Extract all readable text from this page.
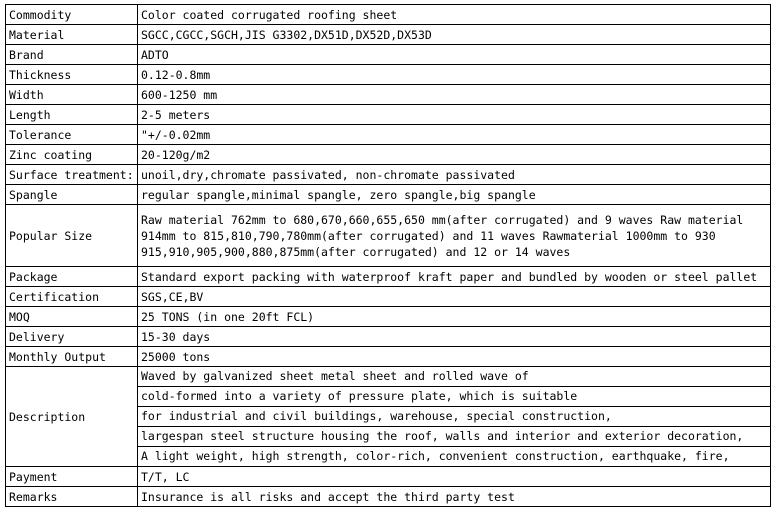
Commodity	Color coated corrugated roofing sheet
Material	SGCC,CGCC,SGCH,JIS G3302,DX51D,DX52D,DX53D
Brand	ADTO
Thickness	0.12-0.8mm
Width	600-1250 mm
Length	2-5 meters
Tolerance	"+/-0.02mm
Zinc coating	20-120g/m2
Surface treatment:	unoil,dry,chromate passivated, non-chromate passivated
Spangle	regular spangle,minimal spangle, zero spangle,big spangle
Popular Size	Raw material 762mm to 680,670,660,655,650 mm(after corrugated) and 9 waves Raw material 914mm to 815,810,790,780mm(after corrugated) and 11 waves Rawmaterial 1000mm to 930 915,910,905,900,880,875mm(after corrugated) and 12 or 14 waves
Package	Standard export packing with waterproof kraft paper and bundled by wooden or steel pallet
Certification	SGS,CE,BV
MOQ	25 TONS (in one 20ft FCL)
Delivery	15-30 days
Monthly Output	25000 tons
Description	Waved by galvanized sheet metal sheet and rolled wave of
cold-formed into a variety of pressure plate, which is suitable
for industrial and civil buildings, warehouse, special construction,
largespan steel structure housing the roof, walls and interior and exterior decoration,
A light weight, high strength, color-rich, convenient construction, earthquake, fire,

Payment	T/T, LC
Remarks	Insurance is all risks and accept the third party test
